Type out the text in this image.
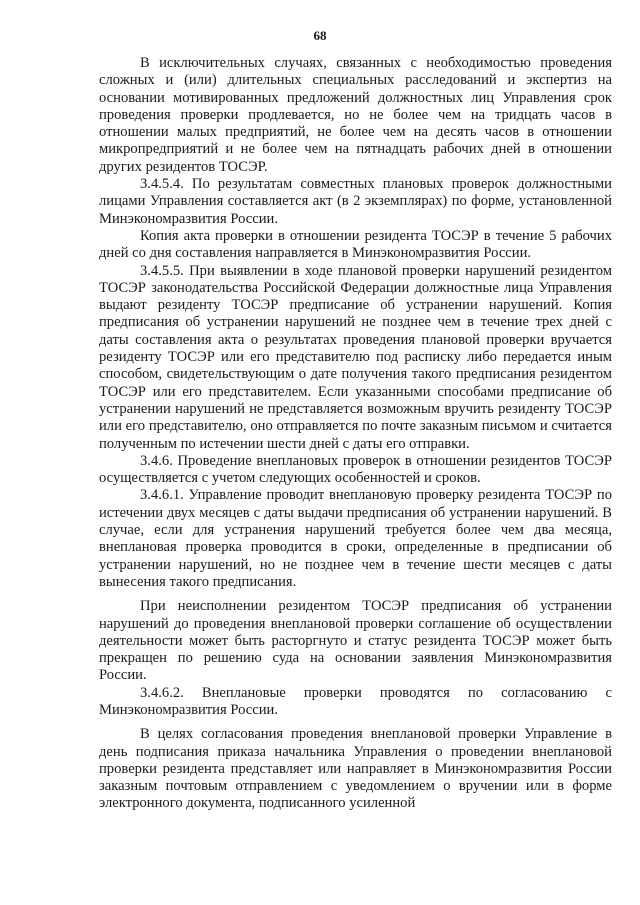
68

В исключительных случаях, связанных с необходимостью проведения сложных и (или) длительных специальных расследований и экспертиз на основании мотивированных предложений должностных лиц Управления срок проведения проверки продлевается, но не более чем на тридцать часов в отношении малых предприятий, не более чем на десять часов в отношении микропредприятий и не более чем на пятнадцать рабочих дней в отношении других резидентов ТОСЭР.

3.4.5.4. По результатам совместных плановых проверок должностными лицами Управления составляется акт (в 2 экземплярах) по форме, установленной Минэкономразвития России.

Копия акта проверки в отношении резидента ТОСЭР в течение 5 рабочих дней со дня составления направляется в Минэкономразвития России.

3.4.5.5. При выявлении в ходе плановой проверки нарушений резидентом ТОСЭР законодательства Российской Федерации должностные лица Управления выдают резиденту ТОСЭР предписание об устранении нарушений. Копия предписания об устранении нарушений не позднее чем в течение трех дней с даты составления акта о результатах проведения плановой проверки вручается резиденту ТОСЭР или его представителю под расписку либо передается иным способом, свидетельствующим о дате получения такого предписания резидентом ТОСЭР или его представителем. Если указанными способами предписание об устранении нарушений не представляется возможным вручить резиденту ТОСЭР или его представителю, оно отправляется по почте заказным письмом и считается полученным по истечении шести дней с даты его отправки.

3.4.6. Проведение внеплановых проверок в отношении резидентов ТОСЭР осуществляется с учетом следующих особенностей и сроков.

3.4.6.1. Управление проводит внеплановую проверку резидента ТОСЭР по истечении двух месяцев с даты выдачи предписания об устранении нарушений. В случае, если для устранения нарушений требуется более чем два месяца, внеплановая проверка проводится в сроки, определенные в предписании об устранении нарушений, но не позднее чем в течение шести месяцев с даты вынесения такого предписания.

При неисполнении резидентом ТОСЭР предписания об устранении нарушений до проведения внеплановой проверки соглашение об осуществлении деятельности может быть расторгнуто и статус резидента ТОСЭР может быть прекращен по решению суда на основании заявления Минэкономразвития России.

3.4.6.2. Внеплановые проверки проводятся по согласованию с Минэкономразвития России.

В целях согласования проведения внеплановой проверки Управление в день подписания приказа начальника Управления о проведении внеплановой проверки резидента представляет или направляет в Минэкономразвития России заказным почтовым отправлением с уведомлением о вручении или в форме электронного документа, подписанного усиленной
